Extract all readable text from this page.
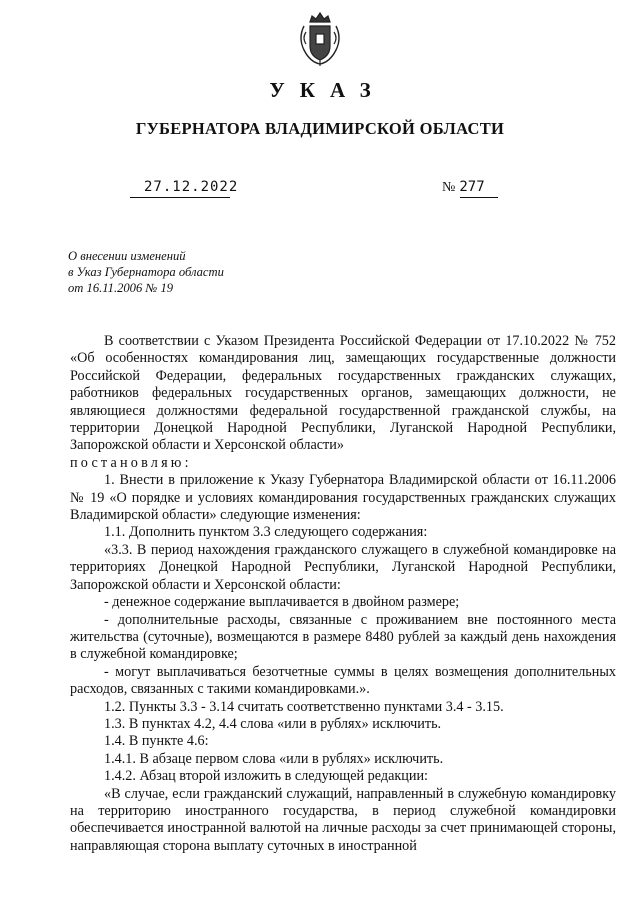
УКАЗ
ГУБЕРНАТОРА ВЛАДИМИРСКОЙ ОБЛАСТИ
27.12.2022	№ 277
О внесении изменений
в Указ Губернатора области
от 16.11.2006 № 19

В соответствии с Указом Президента Российской Федерации от 17.10.2022 № 752 «Об особенностях командирования лиц, замещающих государственные должности Российской Федерации, федеральных государственных гражданских служащих, работников федеральных государственных органов, замещающих должности, не являющиеся должностями федеральной государственной гражданской службы, на территории Донецкой Народной Республики, Луганской Народной Республики, Запорожской области и Херсонской области»

постановляю:

1. Внести в приложение к Указу Губернатора Владимирской области от 16.11.2006 № 19 «О порядке и условиях командирования государственных гражданских служащих Владимирской области» следующие изменения:

1.1. Дополнить пунктом 3.3 следующего содержания:

«3.3. В период нахождения гражданского служащего в служебной командировке на территориях Донецкой Народной Республики, Луганской Народной Республики, Запорожской области и Херсонской области:

- денежное содержание выплачивается в двойном размере;

- дополнительные расходы, связанные с проживанием вне постоянного места жительства (суточные), возмещаются в размере 8480 рублей за каждый день нахождения в служебной командировке;

- могут выплачиваться безотчетные суммы в целях возмещения дополнительных расходов, связанных с такими командировками.».

1.2. Пункты 3.3 - 3.14 считать соответственно пунктами 3.4 - 3.15.

1.3. В пунктах 4.2, 4.4 слова «или в рублях» исключить.

1.4. В пункте 4.6:

1.4.1. В абзаце первом слова «или в рублях» исключить.

1.4.2. Абзац второй изложить в следующей редакции:

«В случае, если гражданский служащий, направленный в служебную командировку на территорию иностранного государства, в период служебной командировки обеспечивается иностранной валютой на личные расходы за счет принимающей стороны, направляющая сторона выплату суточных в иностранной
